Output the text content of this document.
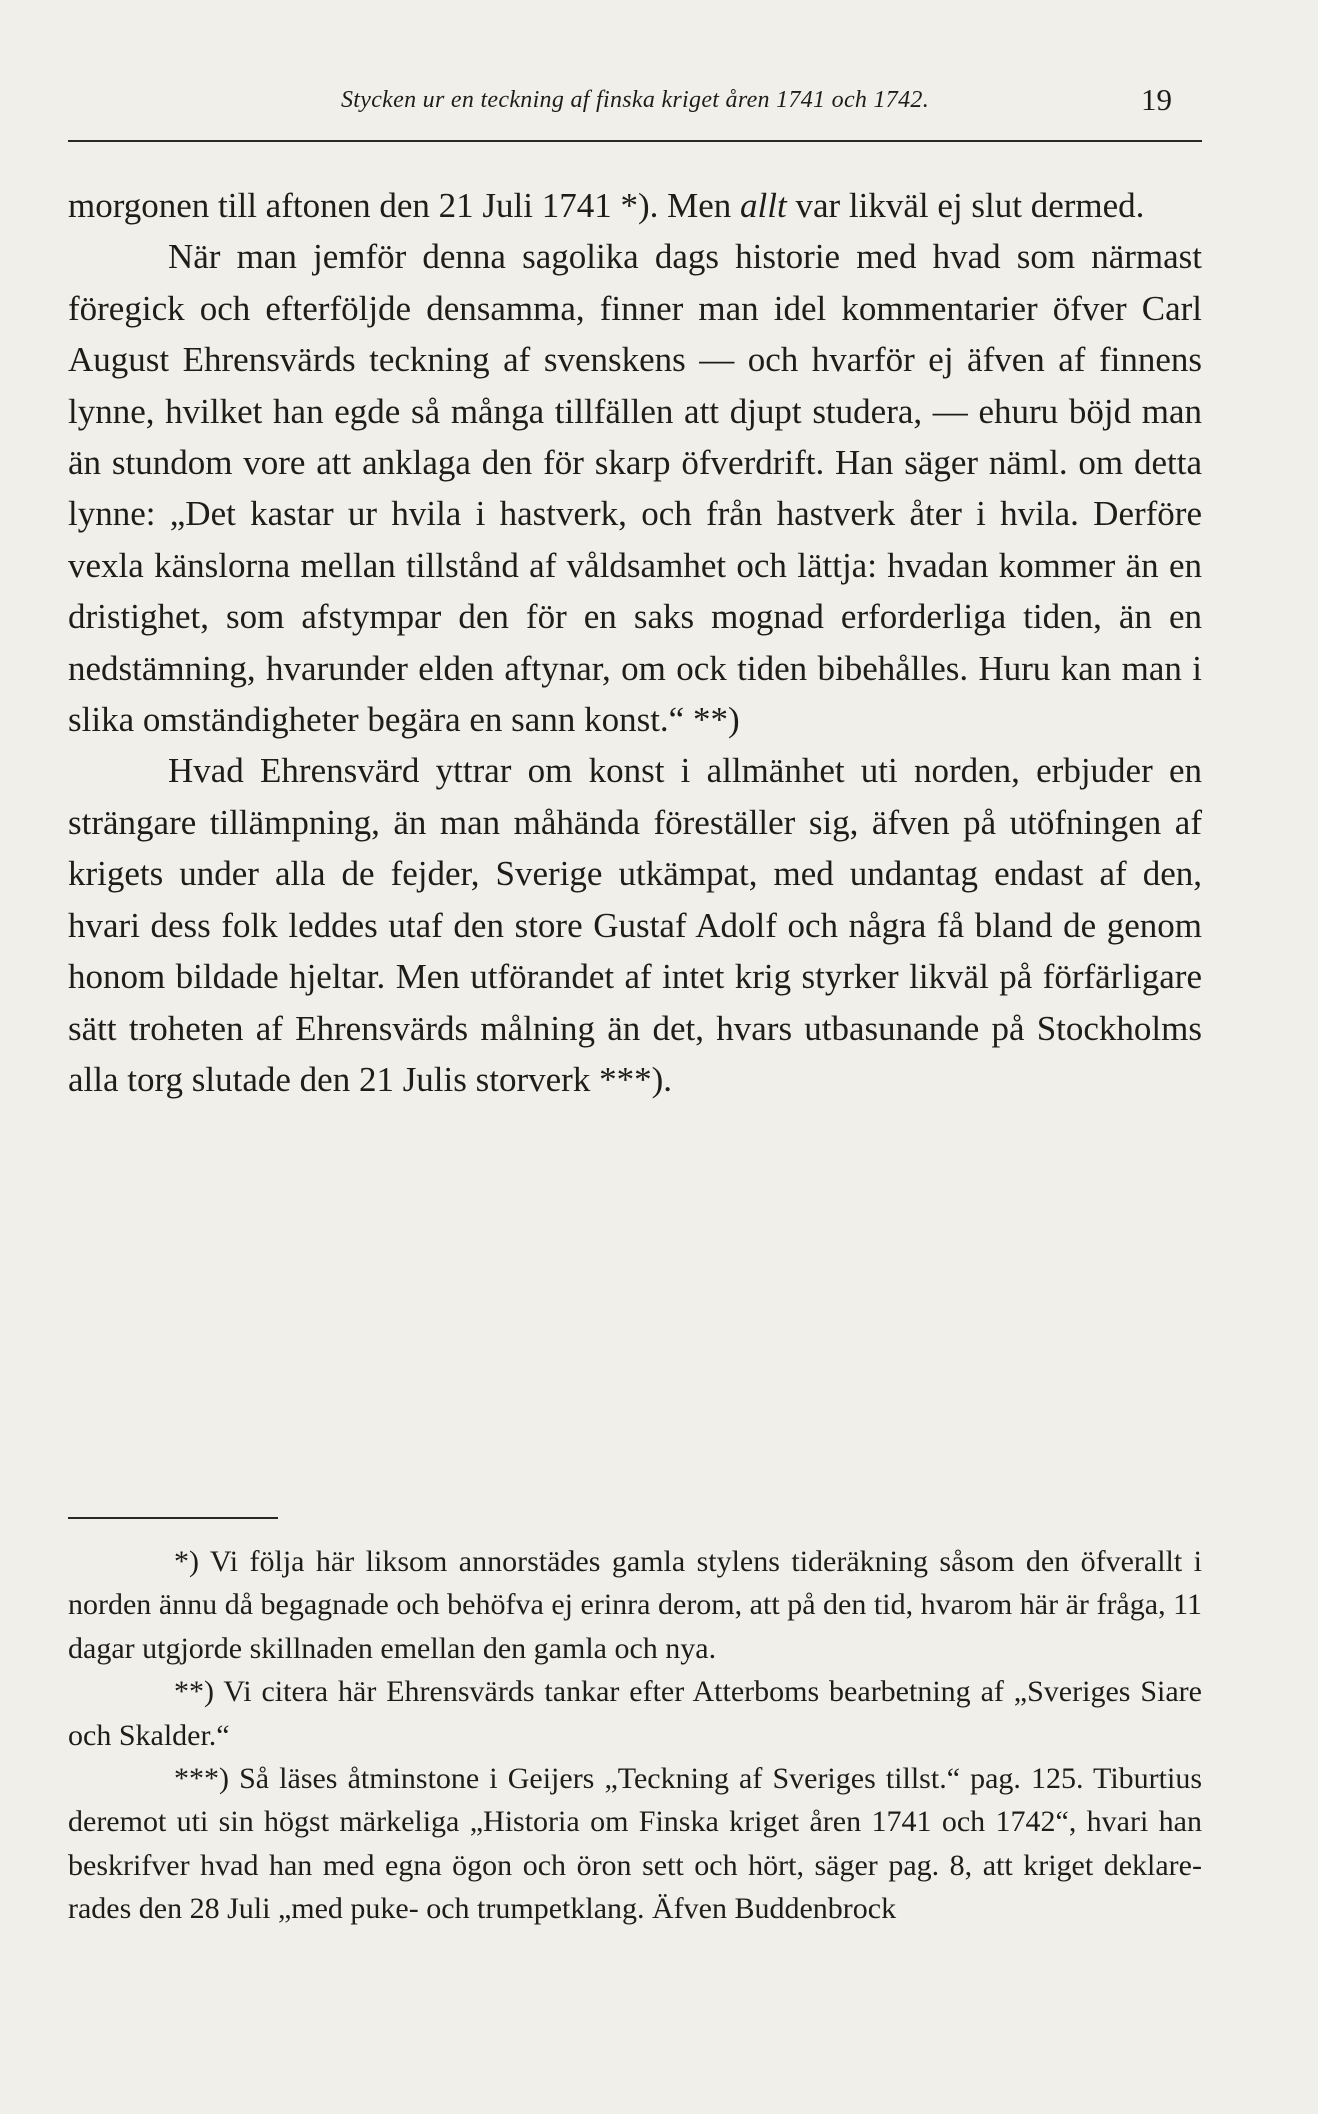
Stycken ur en teckning af finska kriget åren 1741 och 1742.	19

morgonen till aftonen den 21 Juli 1741 *). Men allt var likväl ej slut dermed.

När man jemför denna sagolika dags historie med hvad som närmast föregick och efterföljde densamma, finner man idel kommentarier öfver Carl August Ehrensvärds teckning af svenskens — och hvarför ej äfven af finnens lynne, hvilket han egde så många tillfällen att djupt studera, — ehuru böjd man än stundom vore att anklaga den för skarp öfverdrift. Han säger näml. om detta lynne: „Det kastar ur hvila i hastverk, och från hastverk åter i hvila. Derföre vexla känslorna mellan tillstånd af våldsamhet och lättja: hvadan kommer än en dristighet, som afstympar den för en saks mognad erforderliga tiden, än en nedstämning, hvarunder elden aftynar, om ock tiden bibehålles. Huru kan man i slika omständigheter begära en sann konst.“ **)

Hvad Ehrensvärd yttrar om konst i allmänhet uti norden, erbjuder en strängare tillämpning, än man måhända föreställer sig, äfven på utöfningen af krigets under alla de fejder, Sverige utkämpat, med undantag endast af den, hvari dess folk leddes utaf den store Gustaf Adolf och några få bland de genom honom bildade hjeltar. Men utförandet af intet krig styrker likväl på förfärligare sätt troheten af Ehrensvärds målning än det, hvars utbasunande på Stockholms alla torg slutade den 21 Julis storverk ***).

*) Vi följa här liksom annorstädes gamla stylens tideräkning såsom den öfverallt i norden ännu då begagnade och behöfva ej erinra derom, att på den tid, hvarom här är fråga, 11 dagar utgjorde skillnaden emellan den gamla och nya.

**) Vi citera här Ehrensvärds tankar efter Atterboms bearbetning af „Sveriges Siare och Skalder.“

***) Så läses åtminstone i Geijers „Teckning af Sveriges tillst.“ pag. 125. Tiburtius deremot uti sin högst märkeliga „Historia om Finska kriget åren 1741 och 1742“, hvari han beskrifver hvad han med egna ögon och öron sett och hört, säger pag. 8, att kriget deklarerades den 28 Juli „med puke- och trumpetklang. Äfven Buddenbrock
